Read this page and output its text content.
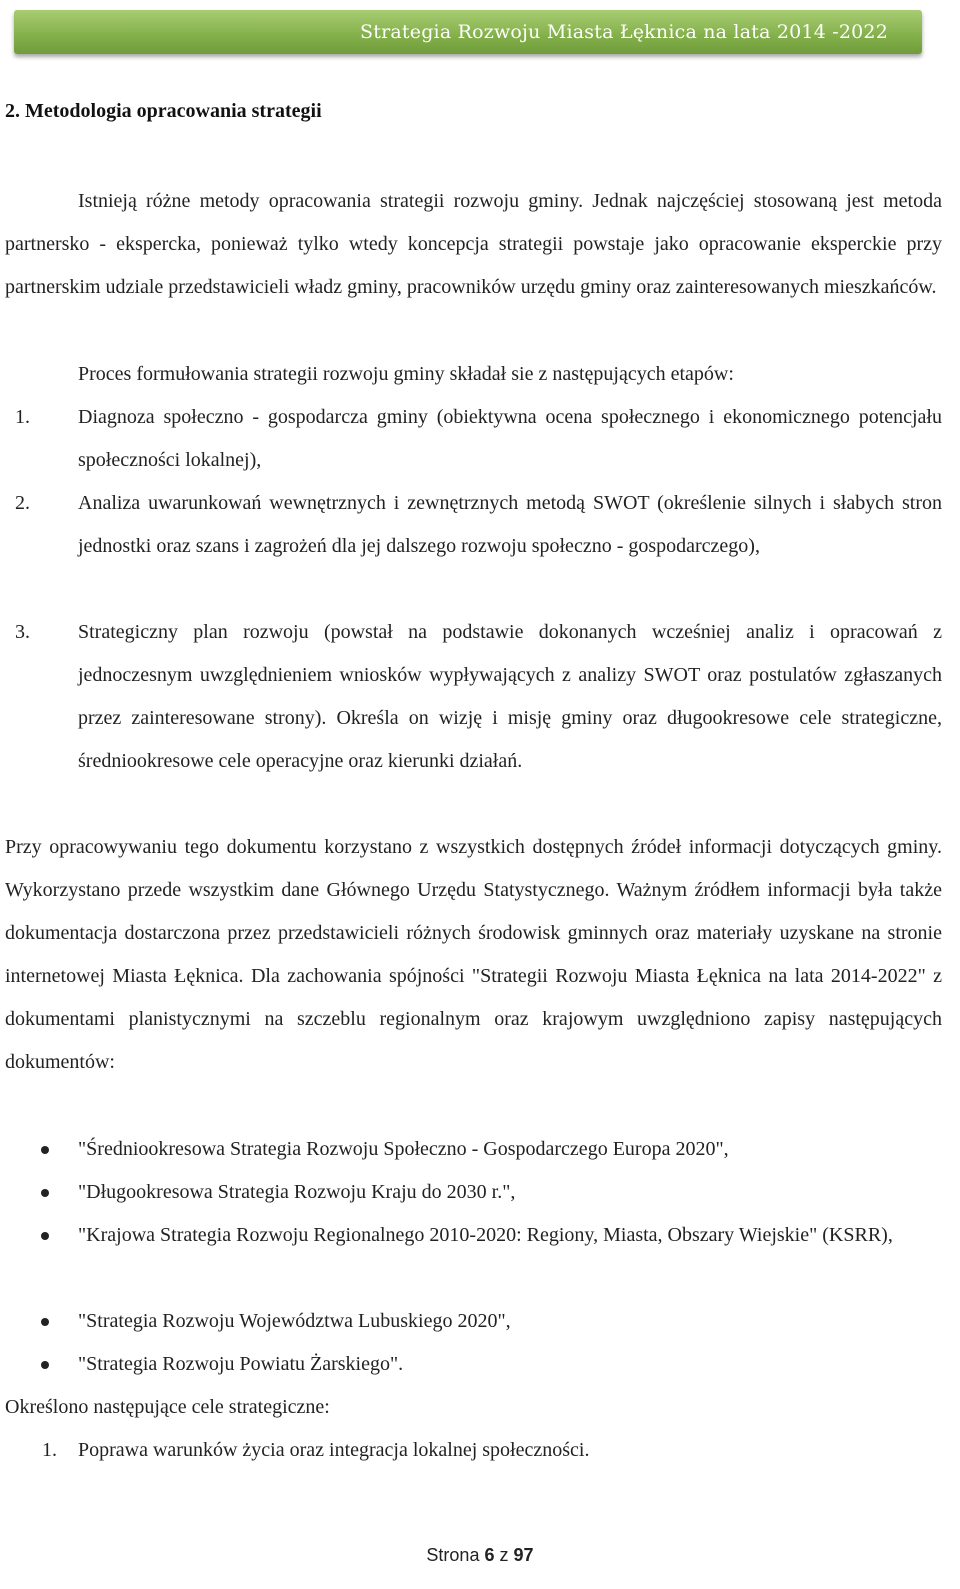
Strategia Rozwoju Miasta Łęknica na lata 2014 -2022
2. Metodologia opracowania strategii
Istnieją różne metody opracowania strategii rozwoju gminy. Jednak najczęściej stosowaną jest metoda partnersko - ekspercka, ponieważ tylko wtedy koncepcja strategii powstaje jako opracowanie eksperckie przy partnerskim udziale przedstawicieli władz gminy, pracowników urzędu gminy oraz zainteresowanych mieszkańców.
Proces formułowania strategii rozwoju gminy składał sie z następujących etapów:
1. Diagnoza społeczno - gospodarcza gminy (obiektywna ocena społecznego i ekonomicznego potencjału społeczności lokalnej),
2. Analiza uwarunkowań wewnętrznych i zewnętrznych metodą SWOT (określenie silnych i słabych stron jednostki oraz szans i zagrożeń dla jej dalszego rozwoju społeczno - gospodarczego),
3. Strategiczny plan rozwoju (powstał na podstawie dokonanych wcześniej analiz i opracowań z jednoczesnym uwzględnieniem wniosków wypływających z analizy SWOT oraz postulatów zgłaszanych przez zainteresowane strony). Określa on wizję i misję gminy oraz długookresowe cele strategiczne, średniookresowe cele operacyjne oraz kierunki działań.
Przy opracowywaniu tego dokumentu korzystano z wszystkich dostępnych źródeł informacji dotyczących gminy. Wykorzystano przede wszystkim dane Głównego Urzędu Statystycznego. Ważnym źródłem informacji była także dokumentacja dostarczona przez przedstawicieli różnych środowisk gminnych oraz materiały uzyskane na stronie internetowej Miasta Łęknica. Dla zachowania spójności "Strategii Rozwoju Miasta Łęknica na lata 2014-2022" z dokumentami planistycznymi na szczeblu regionalnym oraz krajowym uwzględniono zapisy następujących dokumentów:
"Średniookresowa Strategia Rozwoju Społeczno - Gospodarczego Europa 2020",
"Długookresowa Strategia Rozwoju Kraju do 2030 r.",
"Krajowa Strategia Rozwoju Regionalnego 2010-2020: Regiony, Miasta, Obszary Wiejskie" (KSRR),
"Strategia Rozwoju Województwa Lubuskiego 2020",
"Strategia Rozwoju Powiatu Żarskiego".
Określono następujące cele strategiczne:
1. Poprawa warunków życia oraz integracja lokalnej społeczności.
Strona 6 z 97
